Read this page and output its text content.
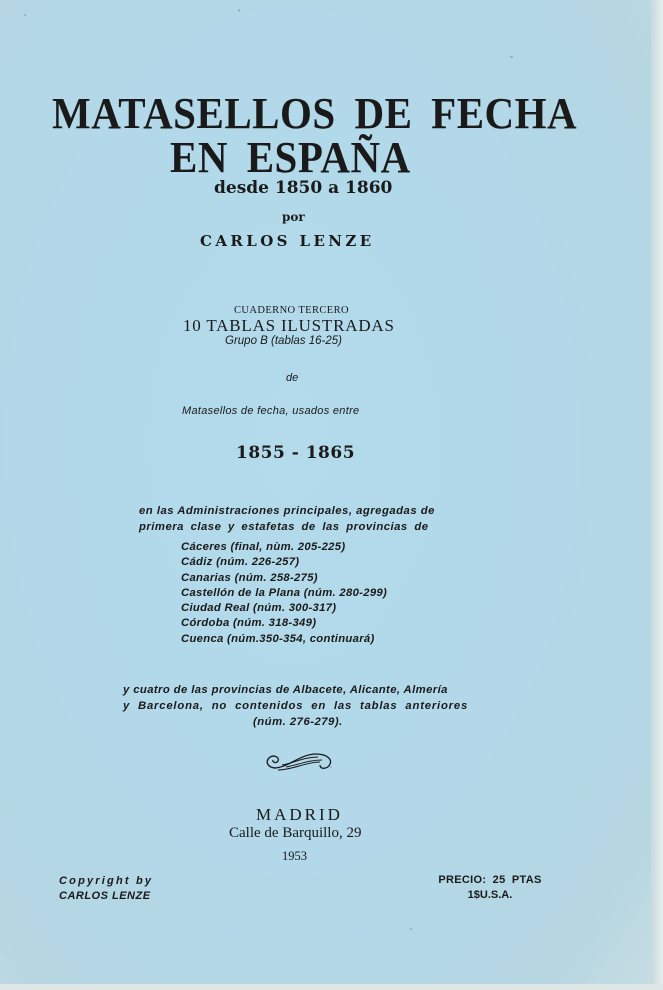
MATASELLOS DE FECHA
EN ESPAÑA

desde 1850 a 1860

por

CARLOS LENZE

CUADERNO TERCERO

10 TABLAS ILUSTRADAS

Grupo B (tablas 16-25)

de

Matasellos de fecha, usados entre

1855 - 1865

en las Administraciones principales, agregadas de

primera clase y estafetas de las provincias de

Cáceres (final, nùm. 205-225)
Cádiz (núm. 226-257)
Canarias (núm. 258-275)
Castellón de la Plana (núm. 280-299)
Ciudad Real (núm. 300-317)
Córdoba (núm. 318-349)
Cuenca (núm.350-354, continuará)

y cuatro de las provincias de Albacete, Alicante, Almería

y Barcelona, no contenidos en las tablas anteriores

(núm. 276-279).

MADRID

Calle de Barquillo, 29

1953

Copyright by
CARLOS LENZE
PRECIO: 25 PTAS
1$U.S.A.
